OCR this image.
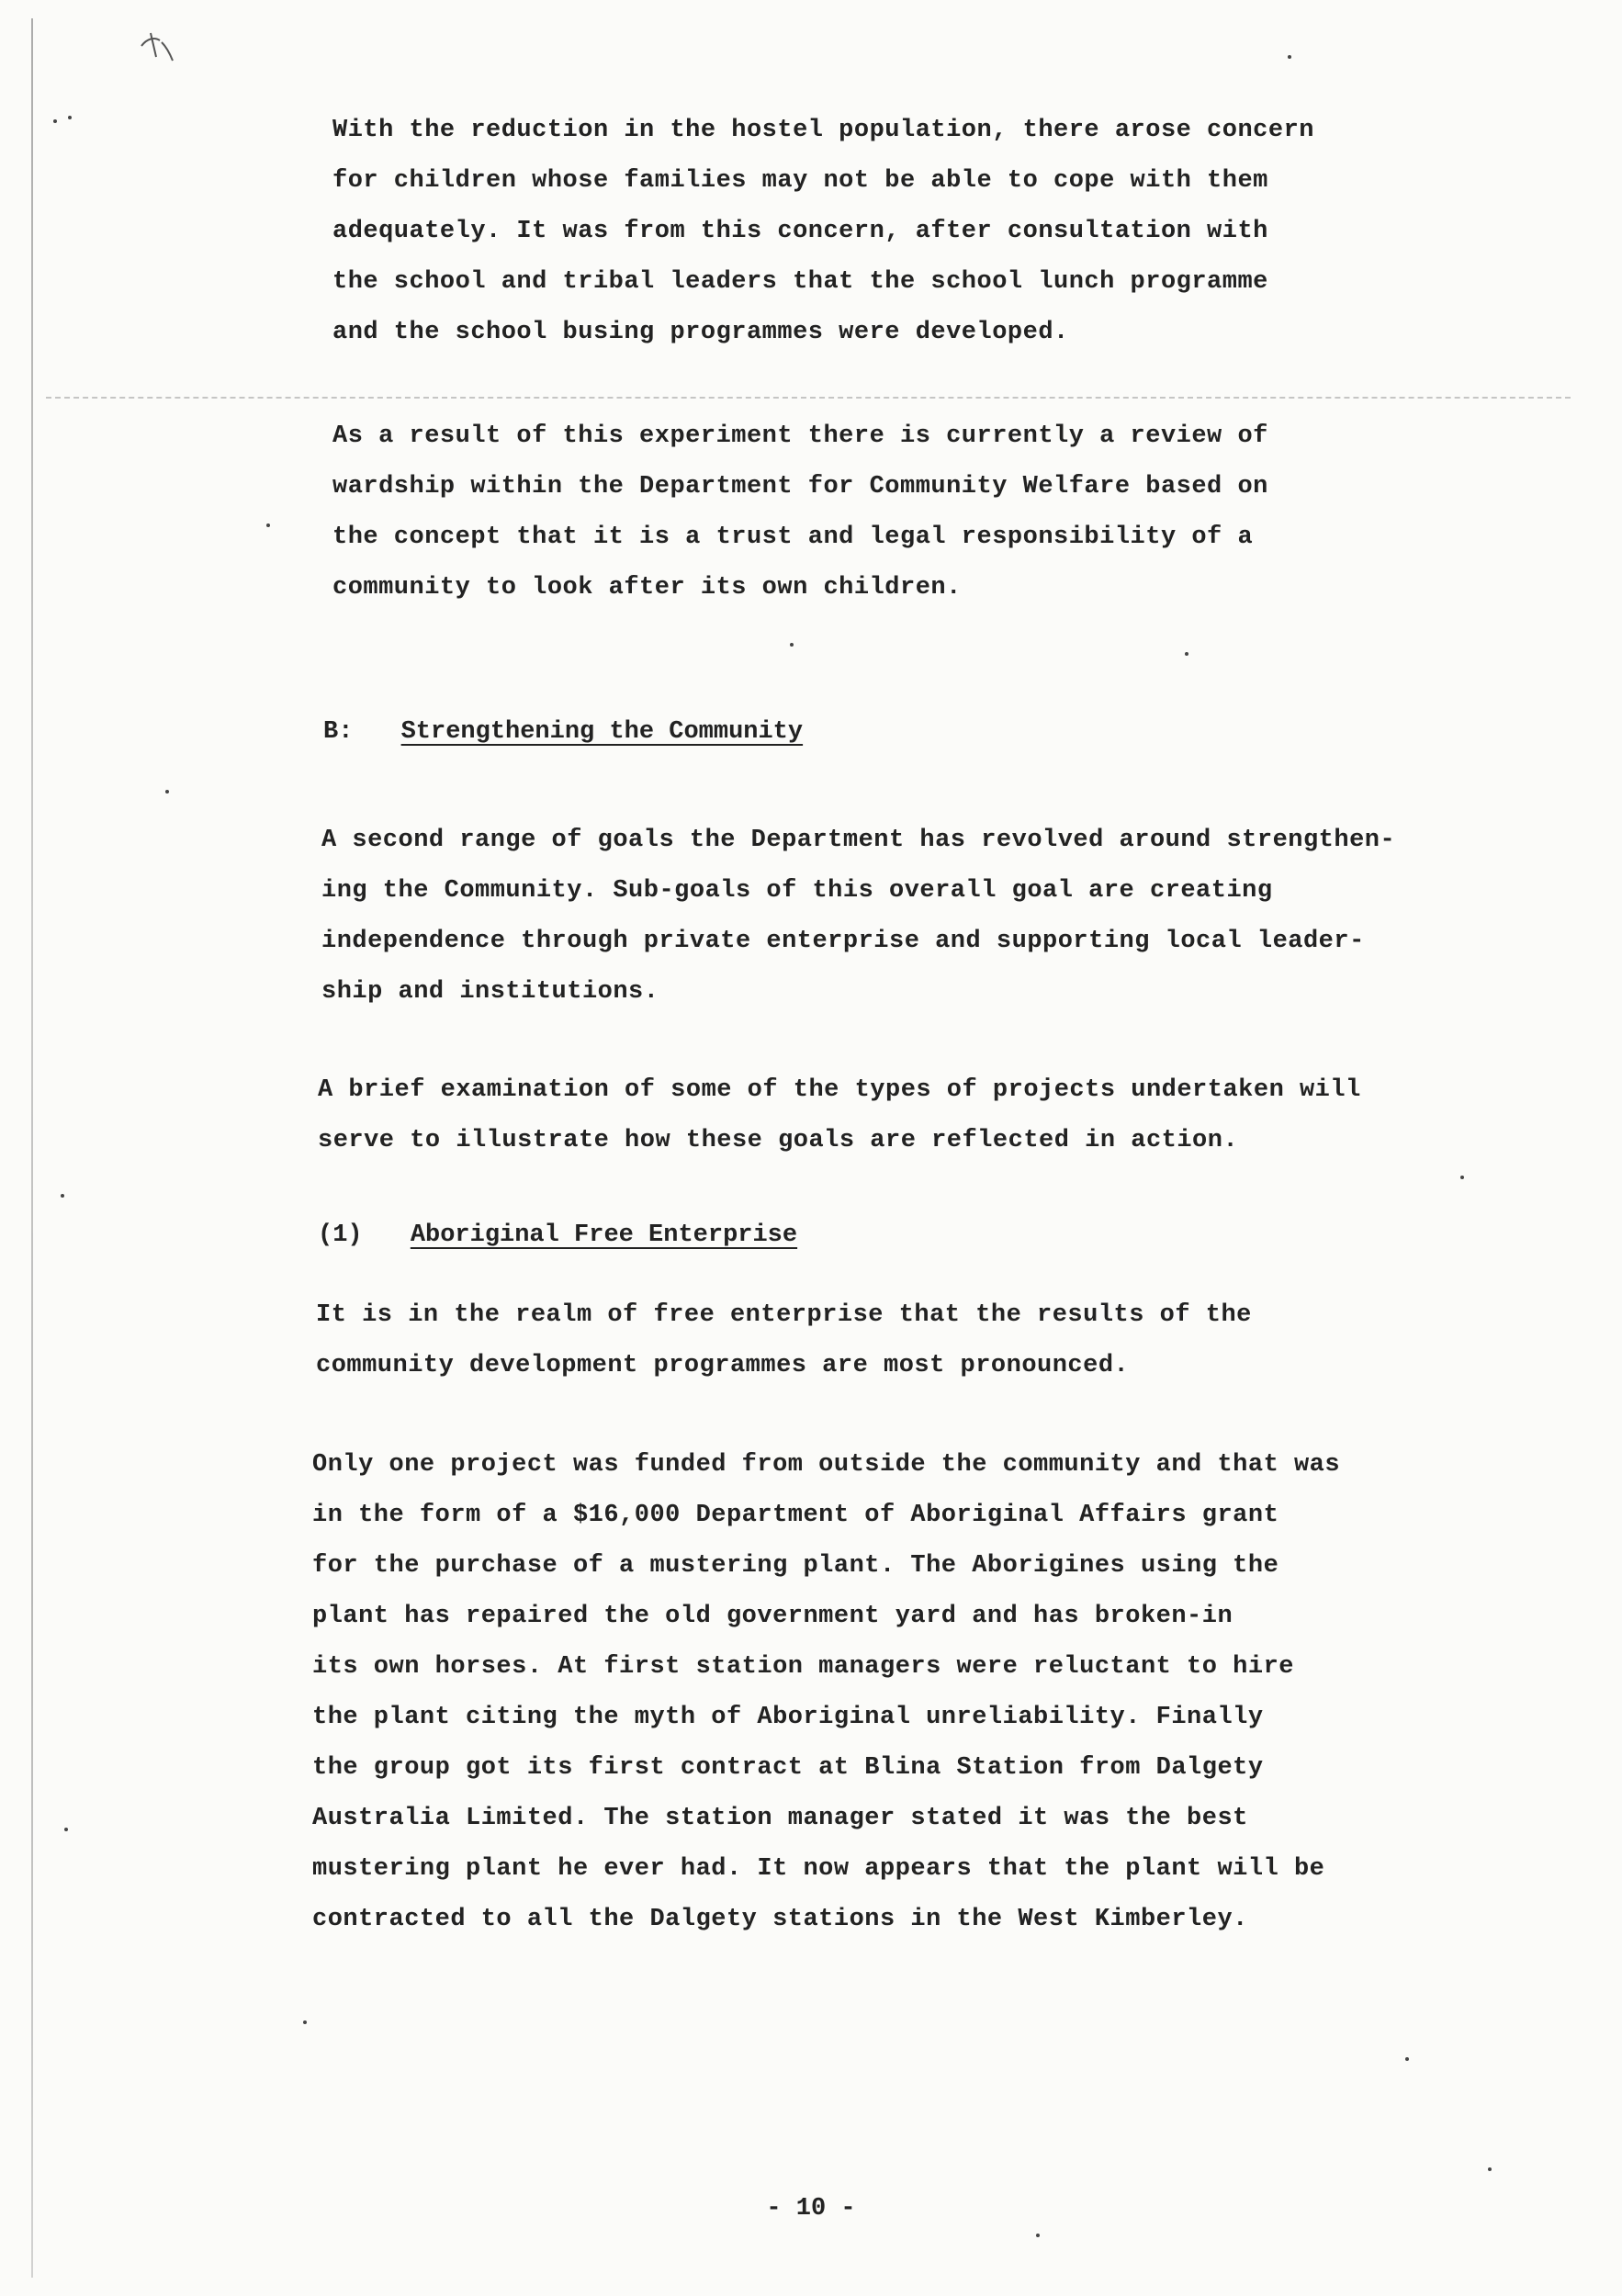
With the reduction in the hostel population, there arose concern
for children whose families may not be able to cope with them
adequately. It was from this concern, after consultation with
the school and tribal leaders that the school lunch programme
and the school busing programmes were developed.
As a result of this experiment there is currently a review of
wardship within the Department for Community Welfare based on
the concept that it is a trust and legal responsibility of a
community to look after its own children.
B: Strengthening the Community
A second range of goals the Department has revolved around strengthen-
ing the Community. Sub-goals of this overall goal are creating
independence through private enterprise and supporting local leader-
ship and institutions.
A brief examination of some of the types of projects undertaken will
serve to illustrate how these goals are reflected in action.
(1) Aboriginal Free Enterprise
It is in the realm of free enterprise that the results of the
community development programmes are most pronounced.
Only one project was funded from outside the community and that was
in the form of a $16,000 Department of Aboriginal Affairs grant
for the purchase of a mustering plant. The Aborigines using the
plant has repaired the old government yard and has broken-in
its own horses. At first station managers were reluctant to hire
the plant citing the myth of Aboriginal unreliability. Finally
the group got its first contract at Blina Station from Dalgety
Australia Limited. The station manager stated it was the best
mustering plant he ever had. It now appears that the plant will be
contracted to all the Dalgety stations in the West Kimberley.
- 10 -
